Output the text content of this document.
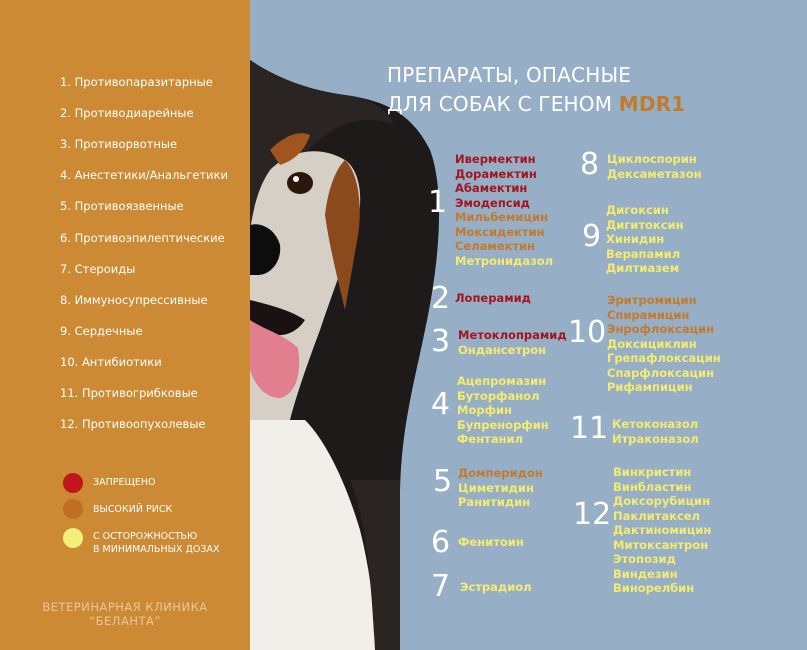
1. Противопаразитарные
2. Противодиарейные
3. Противорвотные
4. Анестетики/Анальгетики
5. Противоязвенные
6. Противоэпилептические
7. Стероиды
8. Иммуносупрессивные
9. Сердечные
10. Антибиотики
11. Противогрибковые
12. Противоопухолевые
ЗАПРЕЩЕНО
ВЫСОКИЙ РИСК
С ОСТОРОЖНОСТЬЮ
В МИНИМАЛЬНЫХ ДОЗАХ
ВЕТЕРИНАРНАЯ КЛИНИКА
“БЕЛАНТА”
ПРЕПАРАТЫ, ОПАСНЫЕ
ДЛЯ СОБАК С ГЕНОМ MDR1
1
Ивермектин
Дорамектин
Абамектин
Эмодепсид
Мильбемицин
Моксидектин
Селамектин
Метронидазол
2 Лоперамид
3 Метоклопрамид
Ондансетрон
4
Ацепромазин
Буторфанол
Морфин
Бупренорфин
Фентанил
5 Домперидон
Циметидин
Ранитидин
6 Фенитоин
7 Эстрадиол
8 Циклоспорин
Дексаметазон
9
Дигоксин
Дигитоксин
Хинидин
Верапамил
Дилтиазем
10
Эритромицин
Спирамицин
Энрофлоксацин
Доксициклин
Грепафлоксацин
Спарфлоксацин
Рифампицин
11 Кетоконазол
Итраконазол
12
Винкристин
Винбластин
Доксорубицин
Паклитаксел
Дактиномицин
Митоксантрон
Этопозид
Виндезин
Винорелбин
